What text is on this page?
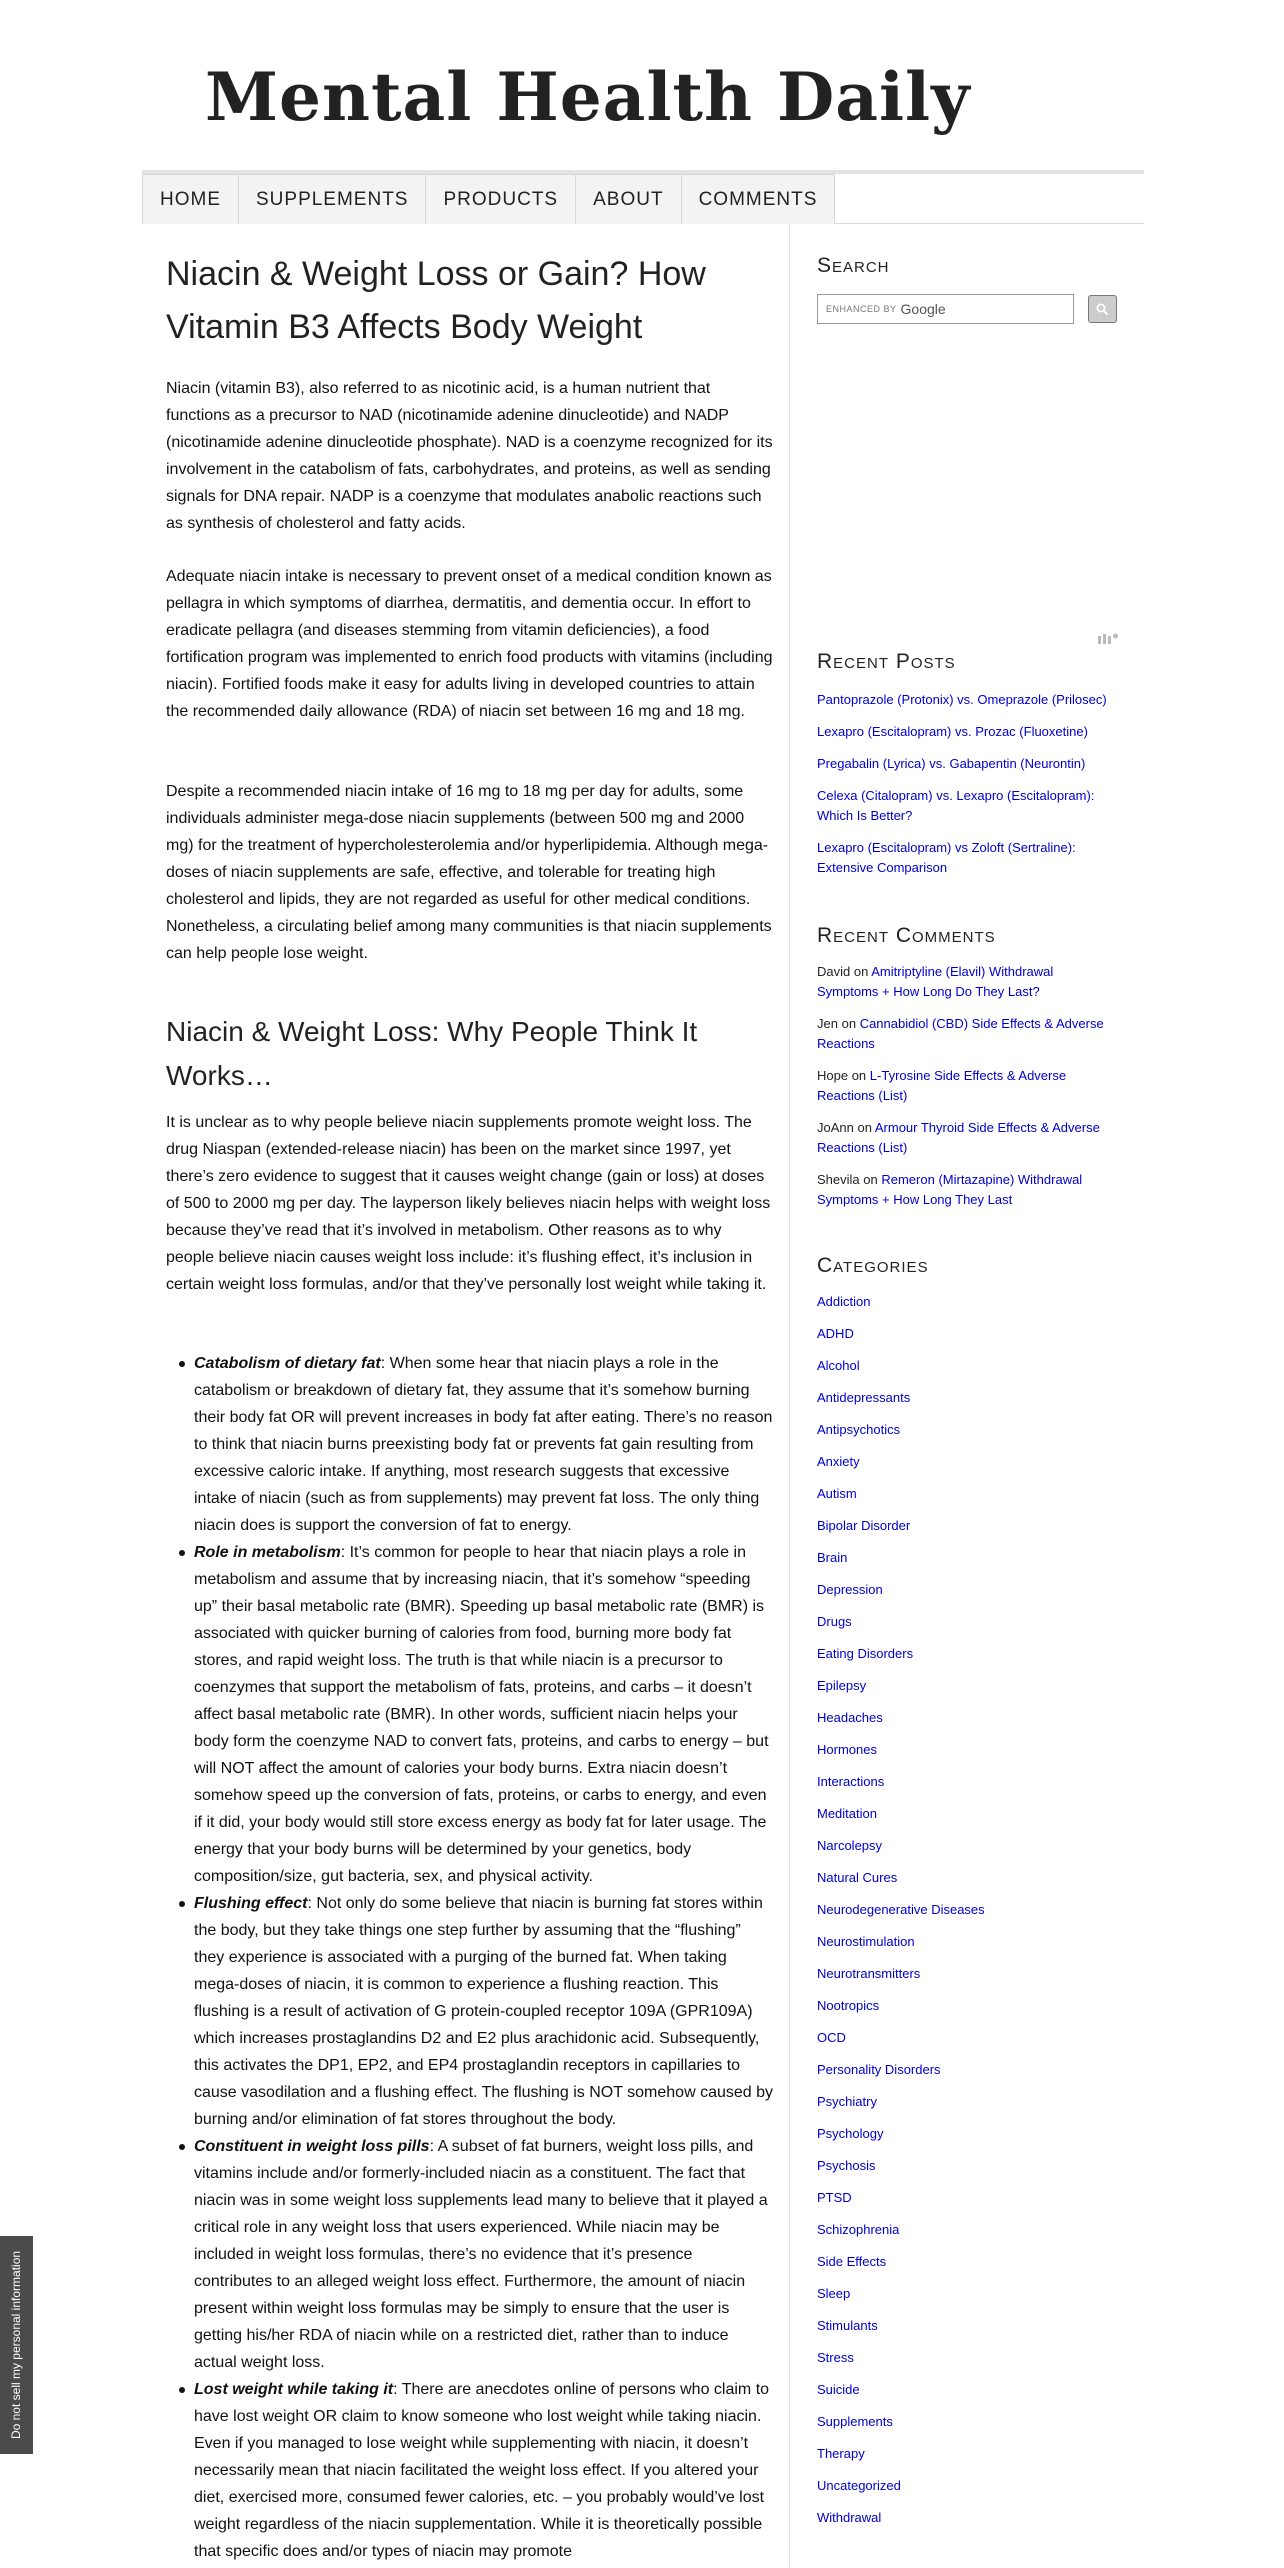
Mental Health Daily
HOME	SUPPLEMENTS	PRODUCTS	ABOUT	COMMENTS
Niacin & Weight Loss or Gain? How Vitamin B3 Affects Body Weight

Niacin (vitamin B3), also referred to as nicotinic acid, is a human nutrient that functions as a precursor to NAD (nicotinamide adenine dinucleotide) and NADP (nicotinamide adenine dinucleotide phosphate). NAD is a coenzyme recognized for its involvement in the catabolism of fats, carbohydrates, and proteins, as well as sending signals for DNA repair. NADP is a coenzyme that modulates anabolic reactions such as synthesis of cholesterol and fatty acids.

Adequate niacin intake is necessary to prevent onset of a medical condition known as pellagra in which symptoms of diarrhea, dermatitis, and dementia occur. In effort to eradicate pellagra (and diseases stemming from vitamin deficiencies), a food fortification program was implemented to enrich food products with vitamins (including niacin). Fortified foods make it easy for adults living in developed countries to attain the recommended daily allowance (RDA) of niacin set between 16 mg and 18 mg.

Despite a recommended niacin intake of 16 mg to 18 mg per day for adults, some individuals administer mega-dose niacin supplements (between 500 mg and 2000 mg) for the treatment of hypercholesterolemia and/or hyperlipidemia. Although mega-doses of niacin supplements are safe, effective, and tolerable for treating high cholesterol and lipids, they are not regarded as useful for other medical conditions. Nonetheless, a circulating belief among many communities is that niacin supplements can help people lose weight.

Niacin & Weight Loss: Why People Think It Works…

It is unclear as to why people believe niacin supplements promote weight loss. The drug Niaspan (extended-release niacin) has been on the market since 1997, yet there’s zero evidence to suggest that it causes weight change (gain or loss) at doses of 500 to 2000 mg per day. The layperson likely believes niacin helps with weight loss because they’ve read that it’s involved in metabolism. Other reasons as to why people believe niacin causes weight loss include: it’s flushing effect, it’s inclusion in certain weight loss formulas, and/or that they’ve personally lost weight while taking it.

Catabolism of dietary fat: When some hear that niacin plays a role in the catabolism or breakdown of dietary fat, they assume that it’s somehow burning their body fat OR will prevent increases in body fat after eating. There’s no reason to think that niacin burns preexisting body fat or prevents fat gain resulting from excessive caloric intake. If anything, most research suggests that excessive intake of niacin (such as from supplements) may prevent fat loss. The only thing niacin does is support the conversion of fat to energy.
Role in metabolism: It’s common for people to hear that niacin plays a role in metabolism and assume that by increasing niacin, that it’s somehow “speeding up” their basal metabolic rate (BMR). Speeding up basal metabolic rate (BMR) is associated with quicker burning of calories from food, burning more body fat stores, and rapid weight loss. The truth is that while niacin is a precursor to coenzymes that support the metabolism of fats, proteins, and carbs – it doesn’t affect basal metabolic rate (BMR). In other words, sufficient niacin helps your body form the coenzyme NAD to convert fats, proteins, and carbs to energy – but will NOT affect the amount of calories your body burns. Extra niacin doesn’t somehow speed up the conversion of fats, proteins, or carbs to energy, and even if it did, your body would still store excess energy as body fat for later usage. The energy that your body burns will be determined by your genetics, body composition/size, gut bacteria, sex, and physical activity.
Flushing effect: Not only do some believe that niacin is burning fat stores within the body, but they take things one step further by assuming that the “flushing” they experience is associated with a purging of the burned fat. When taking mega-doses of niacin, it is common to experience a flushing reaction. This flushing is a result of activation of G protein-coupled receptor 109A (GPR109A) which increases prostaglandins D2 and E2 plus arachidonic acid. Subsequently, this activates the DP1, EP2, and EP4 prostaglandin receptors in capillaries to cause vasodilation and a flushing effect. The flushing is NOT somehow caused by burning and/or elimination of fat stores throughout the body.
Constituent in weight loss pills: A subset of fat burners, weight loss pills, and vitamins include and/or formerly-included niacin as a constituent. The fact that niacin was in some weight loss supplements lead many to believe that it played a critical role in any weight loss that users experienced. While niacin may be included in weight loss formulas, there’s no evidence that it’s presence contributes to an alleged weight loss effect. Furthermore, the amount of niacin present within weight loss formulas may be simply to ensure that the user is getting his/her RDA of niacin while on a restricted diet, rather than to induce actual weight loss.
Lost weight while taking it: There are anecdotes online of persons who claim to have lost weight OR claim to know someone who lost weight while taking niacin. Even if you managed to lose weight while supplementing with niacin, it doesn’t necessarily mean that niacin facilitated the weight loss effect. If you altered your diet, exercised more, consumed fewer calories, etc. – you probably would’ve lost weight regardless of the niacin supplementation. While it is theoretically possible that specific does and/or types of niacin may promote
Search
ENHANCED BY Google
Recent Posts
Pantoprazole (Protonix) vs. Omeprazole (Prilosec)
Lexapro (Escitalopram) vs. Prozac (Fluoxetine)
Pregabalin (Lyrica) vs. Gabapentin (Neurontin)
Celexa (Citalopram) vs. Lexapro (Escitalopram): Which Is Better?
Lexapro (Escitalopram) vs Zoloft (Sertraline): Extensive Comparison
Recent Comments
David on Amitriptyline (Elavil) Withdrawal Symptoms + How Long Do They Last?
Jen on Cannabidiol (CBD) Side Effects & Adverse Reactions
Hope on L-Tyrosine Side Effects & Adverse Reactions (List)
JoAnn on Armour Thyroid Side Effects & Adverse Reactions (List)
Shevila on Remeron (Mirtazapine) Withdrawal Symptoms + How Long They Last
Categories
Addiction
ADHD
Alcohol
Antidepressants
Antipsychotics
Anxiety
Autism
Bipolar Disorder
Brain
Depression
Drugs
Eating Disorders
Epilepsy
Headaches
Hormones
Interactions
Meditation
Narcolepsy
Natural Cures
Neurodegenerative Diseases
Neurostimulation
Neurotransmitters
Nootropics
OCD
Personality Disorders
Psychiatry
Psychology
Psychosis
PTSD
Schizophrenia
Side Effects
Sleep
Stimulants
Stress
Suicide
Supplements
Therapy
Uncategorized
Withdrawal
Do not sell my personal information
